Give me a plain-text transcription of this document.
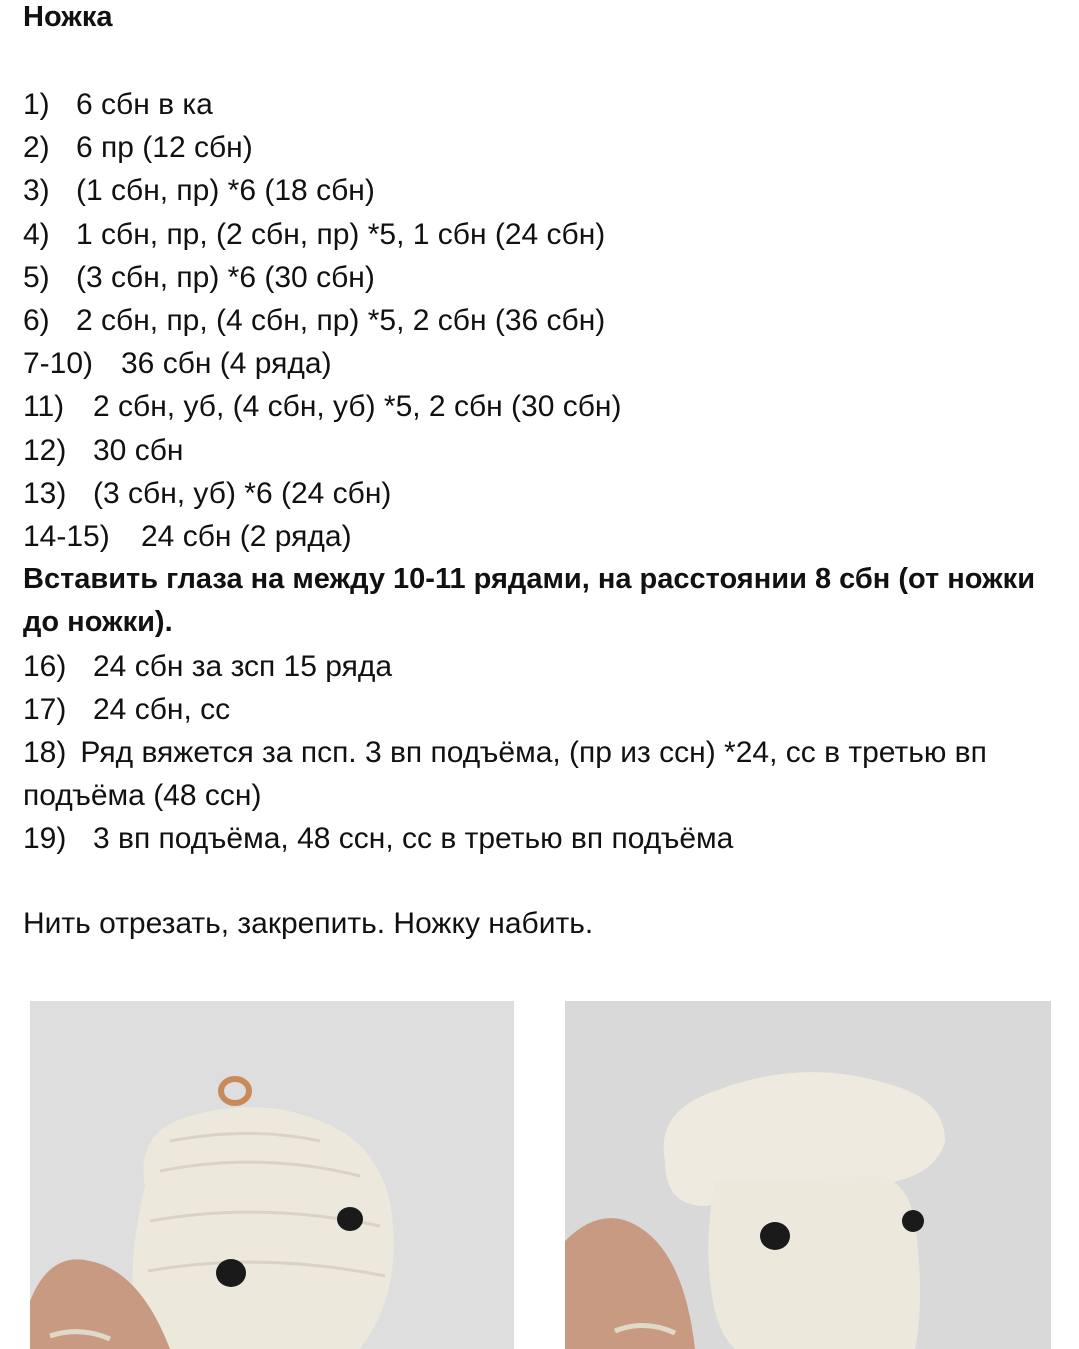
Ножка
1) 6 сбн в ка
2) 6 пр (12 сбн)
3) (1 сбн, пр) *6 (18 сбн)
4) 1 сбн, пр, (2 сбн, пр) *5, 1 сбн (24 сбн)
5) (3 сбн, пр) *6 (30 сбн)
6) 2 сбн, пр, (4 сбн, пр) *5, 2 сбн (36 сбн)
7-10) 36 сбн (4 ряда)
11) 2 сбн, уб, (4 сбн, уб) *5, 2 сбн (30 сбн)
12) 30 сбн
13) (3 сбн, уб) *6 (24 сбн)
14-15)	24 сбн (2 ряда)
Вставить глаза на между 10-11 рядами, на расстоянии 8 сбн (от ножки до ножки).
16) 24 сбн за зсп 15 ряда
17) 24 сбн, сс
18) Ряд вяжется за псп. 3 вп подъёма, (пр из ссн) *24, сс в третью вп подъёма (48 ссн)
19) 3 вп подъёма, 48 ссн, сс в третью вп подъёма
Нить отрезать, закрепить. Ножку набить.
